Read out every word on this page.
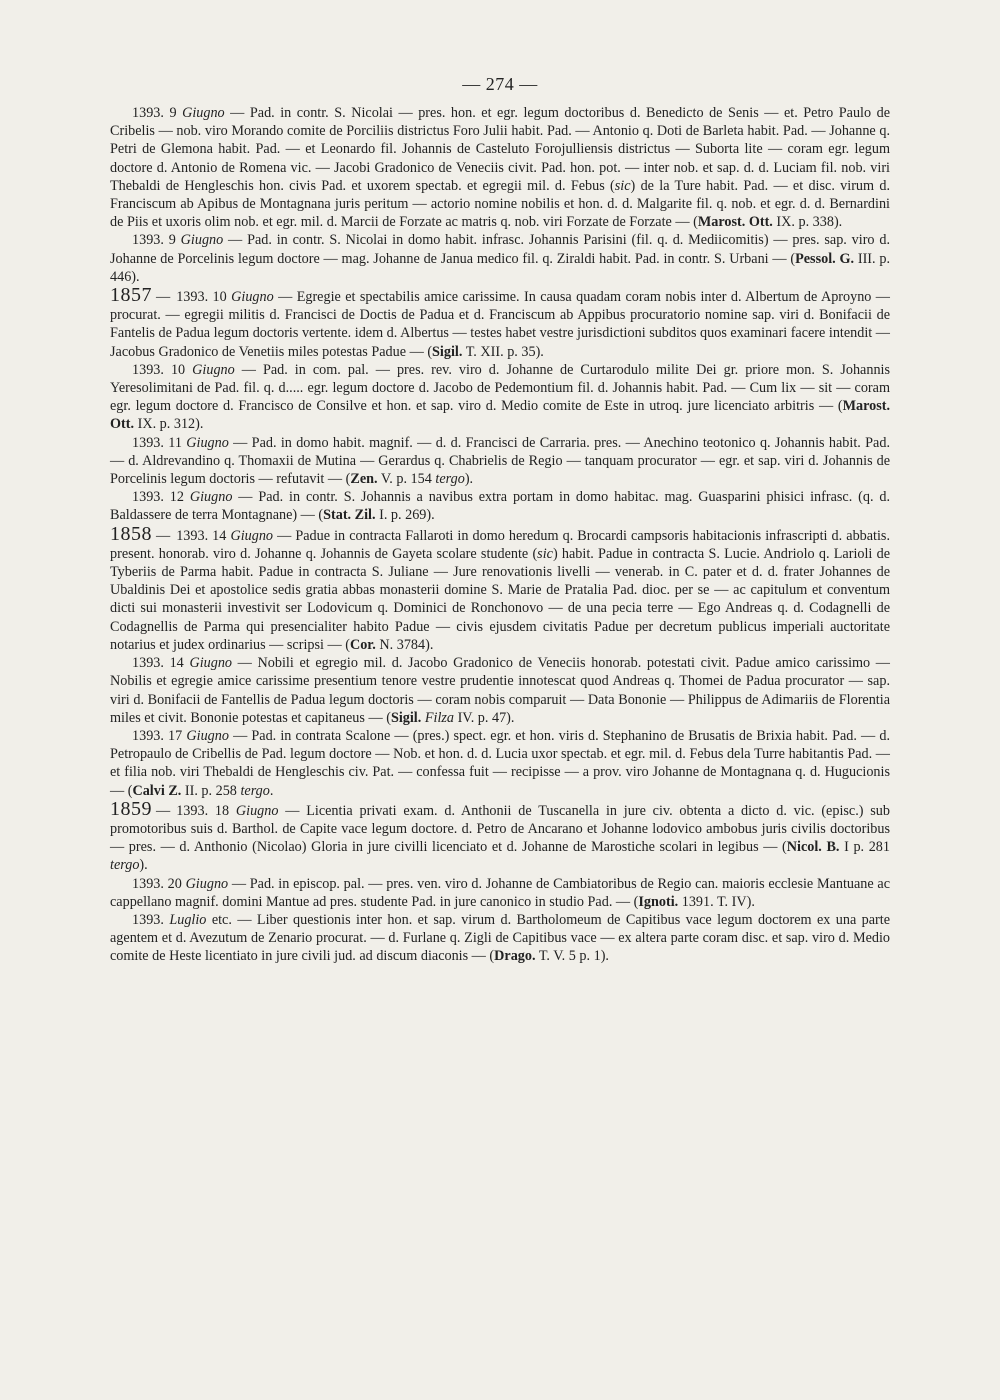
— 274 —

1393. 9 Giugno — Pad. in contr. S. Nicolai — pres. hon. et egr. legum doctoribus d. Benedicto de Senis — et. Petro Paulo de Cribelis — nob. viro Morando comite de Porciliis districtus Foro Julii habit. Pad. — Antonio q. Doti de Barleta habit. Pad. — Johanne q. Petri de Glemona habit. Pad. — et Leonardo fil. Johannis de Casteluto Forojulliensis districtus — Suborta lite — coram egr. legum doctore d. Antonio de Romena vic. — Jacobi Gradonico de Veneciis civit. Pad. hon. pot. — inter nob. et sap. d. d. Luciam fil. nob. viri Thebaldi de Hengleschis hon. civis Pad. et uxorem spectab. et egregii mil. d. Febus (sic) de la Ture habit. Pad. — et disc. virum d. Franciscum ab Apibus de Montagnana juris peritum — actorio nomine nobilis et hon. d. d. Malgarite fil. q. nob. et egr. d. d. Bernardini de Piis et uxoris olim nob. et egr. mil. d. Marcii de Forzate ac matris q. nob. viri Forzate de Forzate — (Marost. Ott. IX. p. 338).

1393. 9 Giugno — Pad. in contr. S. Nicolai in domo habit. infrasc. Johannis Parisini (fil. q. d. Mediicomitis) — pres. sap. viro d. Johanne de Porcelinis legum doctore — mag. Johanne de Janua medico fil. q. Ziraldi habit. Pad. in contr. S. Urbani — (Pessol. G. III. p. 446).

1857 — 1393. 10 Giugno — Egregie et spectabilis amice carissime. In causa quadam coram nobis inter d. Albertum de Aproyno — procurat. — egregii militis d. Francisci de Doctis de Padua et d. Franciscum ab Appibus procuratorio nomine sap. viri d. Bonifacii de Fantelis de Padua legum doctoris vertente. idem d. Albertus — testes habet vestre jurisdictioni subditos quos examinari facere intendit — Jacobus Gradonico de Venetiis miles potestas Padue — (Sigil. T. XII. p. 35).

1393. 10 Giugno — Pad. in com. pal. — pres. rev. viro d. Johanne de Curtarodulo milite Dei gr. priore mon. S. Johannis Yeresolimitani de Pad. fil. q. d..... egr. legum doctore d. Jacobo de Pedemontium fil. d. Johannis habit. Pad. — Cum lix — sit — coram egr. legum doctore d. Francisco de Consilve et hon. et sap. viro d. Medio comite de Este in utroq. jure licenciato arbitris — (Marost. Ott. IX. p. 312).

1393. 11 Giugno — Pad. in domo habit. magnif. — d. d. Francisci de Carraria. pres. — Anechino teotonico q. Johannis habit. Pad. — d. Aldrevandino q. Thomaxii de Mutina — Gerardus q. Chabrielis de Regio — tanquam procurator — egr. et sap. viri d. Johannis de Porcelinis legum doctoris — refutavit — (Zen. V. p. 154 tergo).

1393. 12 Giugno — Pad. in contr. S. Johannis a navibus extra portam in domo habitac. mag. Guasparini phisici infrasc. (q. d. Baldassere de terra Montagnane) — (Stat. Zil. I. p. 269).

1858 — 1393. 14 Giugno — Padue in contracta Fallaroti in domo heredum q. Brocardi campsoris habitacionis infrascripti d. abbatis. present. honorab. viro d. Johanne q. Johannis de Gayeta scolare studente (sic) habit. Padue in contracta S. Lucie. Andriolo q. Larioli de Tyberiis de Parma habit. Padue in contracta S. Juliane — Jure renovationis livelli — venerab. in C. pater et d. d. frater Johannes de Ubaldinis Dei et apostolice sedis gratia abbas monasterii domine S. Marie de Pratalia Pad. dioc. per se — ac capitulum et conventum dicti sui monasterii investivit ser Lodovicum q. Dominici de Ronchonovo — de una pecia terre — Ego Andreas q. d. Codagnelli de Codagnellis de Parma qui presencialiter habito Padue — civis ejusdem civitatis Padue per decretum publicus imperiali auctoritate notarius et judex ordinarius — scripsi — (Cor. N. 3784).

1393. 14 Giugno — Nobili et egregio mil. d. Jacobo Gradonico de Veneciis honorab. potestati civit. Padue amico carissimo — Nobilis et egregie amice carissime presentium tenore vestre prudentie innotescat quod Andreas q. Thomei de Padua procurator — sap. viri d. Bonifacii de Fantellis de Padua legum doctoris — coram nobis comparuit — Data Bononie — Philippus de Adimariis de Florentia miles et civit. Bononie potestas et capitaneus — (Sigil. Filza IV. p. 47).

1393. 17 Giugno — Pad. in contrata Scalone — (pres.) spect. egr. et hon. viris d. Stephanino de Brusatis de Brixia habit. Pad. — d. Petropaulo de Cribellis de Pad. legum doctore — Nob. et hon. d. d. Lucia uxor spectab. et egr. mil. d. Febus dela Turre habitantis Pad. — et filia nob. viri Thebaldi de Hengleschis civ. Pat. — confessa fuit — recipisse — a prov. viro Johanne de Montagnana q. d. Hugucionis — (Calvi Z. II. p. 258 tergo.

1859 — 1393. 18 Giugno — Licentia privati exam. d. Anthonii de Tuscanella in jure civ. obtenta a dicto d. vic. (episc.) sub promotoribus suis d. Barthol. de Capite vace legum doctore. d. Petro de Ancarano et Johanne lodovico ambobus juris civilis doctoribus — pres. — d. Anthonio (Nicolao) Gloria in jure civilli licenciato et d. Johanne de Marostiche scolari in legibus — (Nicol. B. I p. 281 tergo).

1393. 20 Giugno — Pad. in episcop. pal. — pres. ven. viro d. Johanne de Cambiatoribus de Regio can. maioris ecclesie Mantuane ac cappellano magnif. domini Mantue ad pres. studente Pad. in jure canonico in studio Pad. — (Ignoti. 1391. T. IV).

1393. Luglio etc. — Liber questionis inter hon. et sap. virum d. Bartholomeum de Capitibus vace legum doctorem ex una parte agentem et d. Avezutum de Zenario procurat. — d. Furlane q. Zigli de Capitibus vace — ex altera parte coram disc. et sap. viro d. Medio comite de Heste licentiato in jure civili jud. ad discum diaconis — (Drago. T. V. 5 p. 1).
